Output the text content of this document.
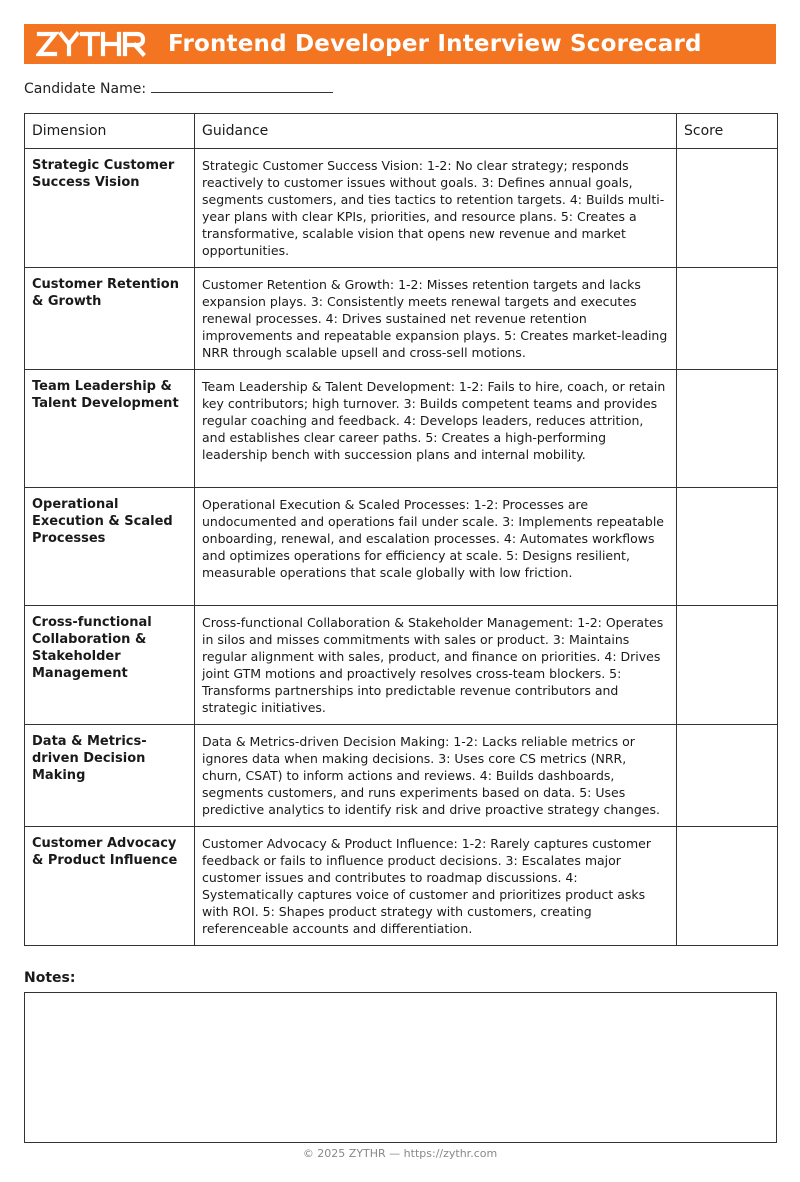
Frontend Developer Interview Scorecard
Candidate Name:
Dimension	Guidance	Score
Strategic Customer Success Vision	Strategic Customer Success Vision: 1-2: No clear strategy; responds reactively to customer issues without goals. 3: Defines annual goals, segments customers, and ties tactics to retention targets. 4: Builds multi-year plans with clear KPIs, priorities, and resource plans. 5: Creates a transformative, scalable vision that opens new revenue and market opportunities.	
Customer Retention & Growth	Customer Retention & Growth: 1-2: Misses retention targets and lacks expansion plays. 3: Consistently meets renewal targets and executes renewal processes. 4: Drives sustained net revenue retention improvements and repeatable expansion plays. 5: Creates market-leading NRR through scalable upsell and cross-sell motions.	
Team Leadership & Talent Development	Team Leadership & Talent Development: 1-2: Fails to hire, coach, or retain key contributors; high turnover. 3: Builds competent teams and provides regular coaching and feedback. 4: Develops leaders, reduces attrition, and establishes clear career paths. 5: Creates a high-performing leadership bench with succession plans and internal mobility.	
Operational Execution & Scaled Processes	Operational Execution & Scaled Processes: 1-2: Processes are undocumented and operations fail under scale. 3: Implements repeatable onboarding, renewal, and escalation processes. 4: Automates workflows and optimizes operations for efficiency at scale. 5: Designs resilient, measurable operations that scale globally with low friction.	
Cross-functional Collaboration & Stakeholder Management	Cross-functional Collaboration & Stakeholder Management: 1-2: Operates in silos and misses commitments with sales or product. 3: Maintains regular alignment with sales, product, and finance on priorities. 4: Drives joint GTM motions and proactively resolves cross-team blockers. 5: Transforms partnerships into predictable revenue contributors and strategic initiatives.	
Data & Metrics-driven Decision Making	Data & Metrics-driven Decision Making: 1-2: Lacks reliable metrics or ignores data when making decisions. 3: Uses core CS metrics (NRR, churn, CSAT) to inform actions and reviews. 4: Builds dashboards, segments customers, and runs experiments based on data. 5: Uses predictive analytics to identify risk and drive proactive strategy changes.	
Customer Advocacy & Product Influence	Customer Advocacy & Product Influence: 1-2: Rarely captures customer feedback or fails to influence product decisions. 3: Escalates major customer issues and contributes to roadmap discussions. 4: Systematically captures voice of customer and prioritizes product asks with ROI. 5: Shapes product strategy with customers, creating referenceable accounts and differentiation.	
Notes:
© 2025 ZYTHR — https://zythr.com
